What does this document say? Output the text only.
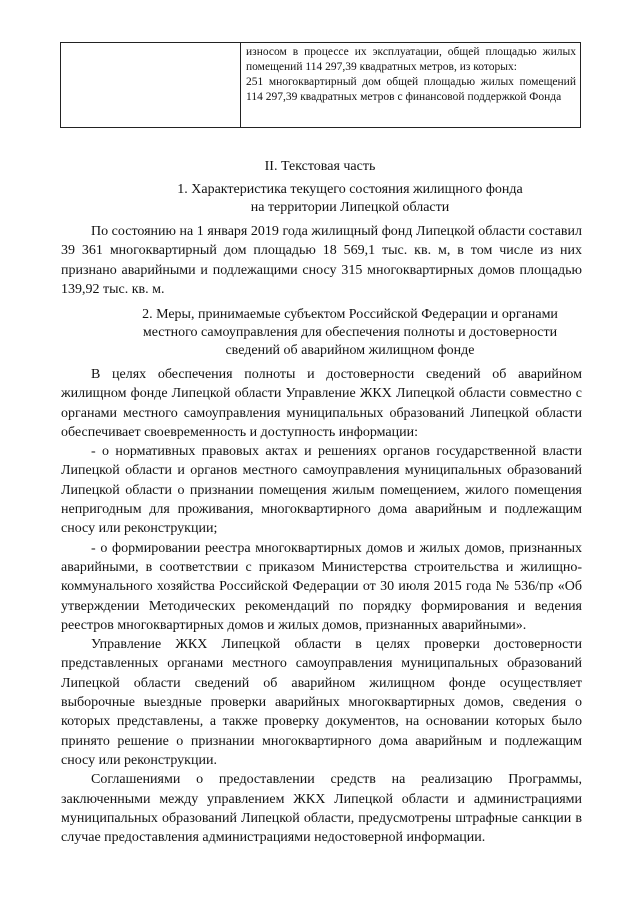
износом в процессе их эксплуатации, общей площадью жилых помещений 114 297,39 квадратных метров, из которых:

251 многоквартирный дом общей площадью жилых помещений 114 297,39 квадратных метров с финансовой поддержкой Фонда

II. Текстовая часть
1. Характеристика текущего состояния жилищного фонда
на территории Липецкой области

По состоянию на 1 января 2019 года жилищный фонд Липецкой области составил 39 361 многоквартирный дом площадью 18 569,1 тыс. кв. м, в том числе из них признано аварийными и подлежащими сносу 315 многоквартирных домов площадью 139,92 тыс. кв. м.

2. Меры, принимаемые субъектом Российской Федерации и органами
местного самоуправления для обеспечения полноты и достоверности
сведений об аварийном жилищном фонде

В целях обеспечения полноты и достоверности сведений об аварийном жилищном фонде Липецкой области Управление ЖКХ Липецкой области совместно с органами местного самоуправления муниципальных образований Липецкой области обеспечивает своевременность и доступность информации:

- о нормативных правовых актах и решениях органов государственной власти Липецкой области и органов местного самоуправления муниципальных образований Липецкой области о признании помещения жилым помещением, жилого помещения непригодным для проживания, многоквартирного дома аварийным и подлежащим сносу или реконструкции;

- о формировании реестра многоквартирных домов и жилых домов, признанных аварийными, в соответствии с приказом Министерства строительства и жилищно-коммунального хозяйства Российской Федерации от 30 июля 2015 года № 536/пр «Об утверждении Методических рекомендаций по порядку формирования и ведения реестров многоквартирных домов и жилых домов, признанных аварийными».

Управление ЖКХ Липецкой области в целях проверки достоверности представленных органами местного самоуправления муниципальных образований Липецкой области сведений об аварийном жилищном фонде осуществляет выборочные выездные проверки аварийных многоквартирных домов, сведения о которых представлены, а также проверку документов, на основании которых было принято решение о признании многоквартирного дома аварийным и подлежащим сносу или реконструкции.

Соглашениями о предоставлении средств на реализацию Программы, заключенными между управлением ЖКХ Липецкой области и администрациями муниципальных образований Липецкой области, предусмотрены штрафные санкции в случае предоставления администрациями недостоверной информации.
